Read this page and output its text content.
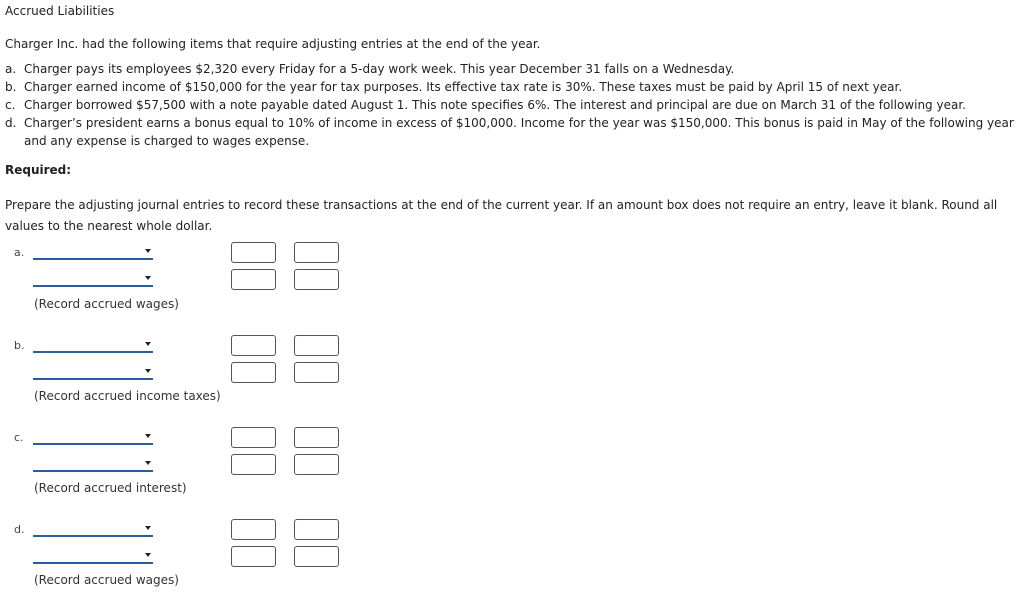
Accrued Liabilities
Charger Inc. had the following items that require adjusting entries at the end of the year.
a. Charger pays its employees $2,320 every Friday for a 5-day work week. This year December 31 falls on a Wednesday.
b. Charger earned income of $150,000 for the year for tax purposes. Its effective tax rate is 30%. These taxes must be paid by April 15 of next year.
c. Charger borrowed $57,500 with a note payable dated August 1. This note specifies 6%. The interest and principal are due on March 31 of the following year.
d. Charger’s president earns a bonus equal to 10% of income in excess of $100,000. Income for the year was $150,000. This bonus is paid in May of the following year
and any expense is charged to wages expense.
Required:
Prepare the adjusting journal entries to record these transactions at the end of the current year. If an amount box does not require an entry, leave it blank. Round all values to the nearest whole dollar.
a.
(Record accrued wages)
b.
(Record accrued income taxes)
c.
(Record accrued interest)
d.
(Record accrued wages)
